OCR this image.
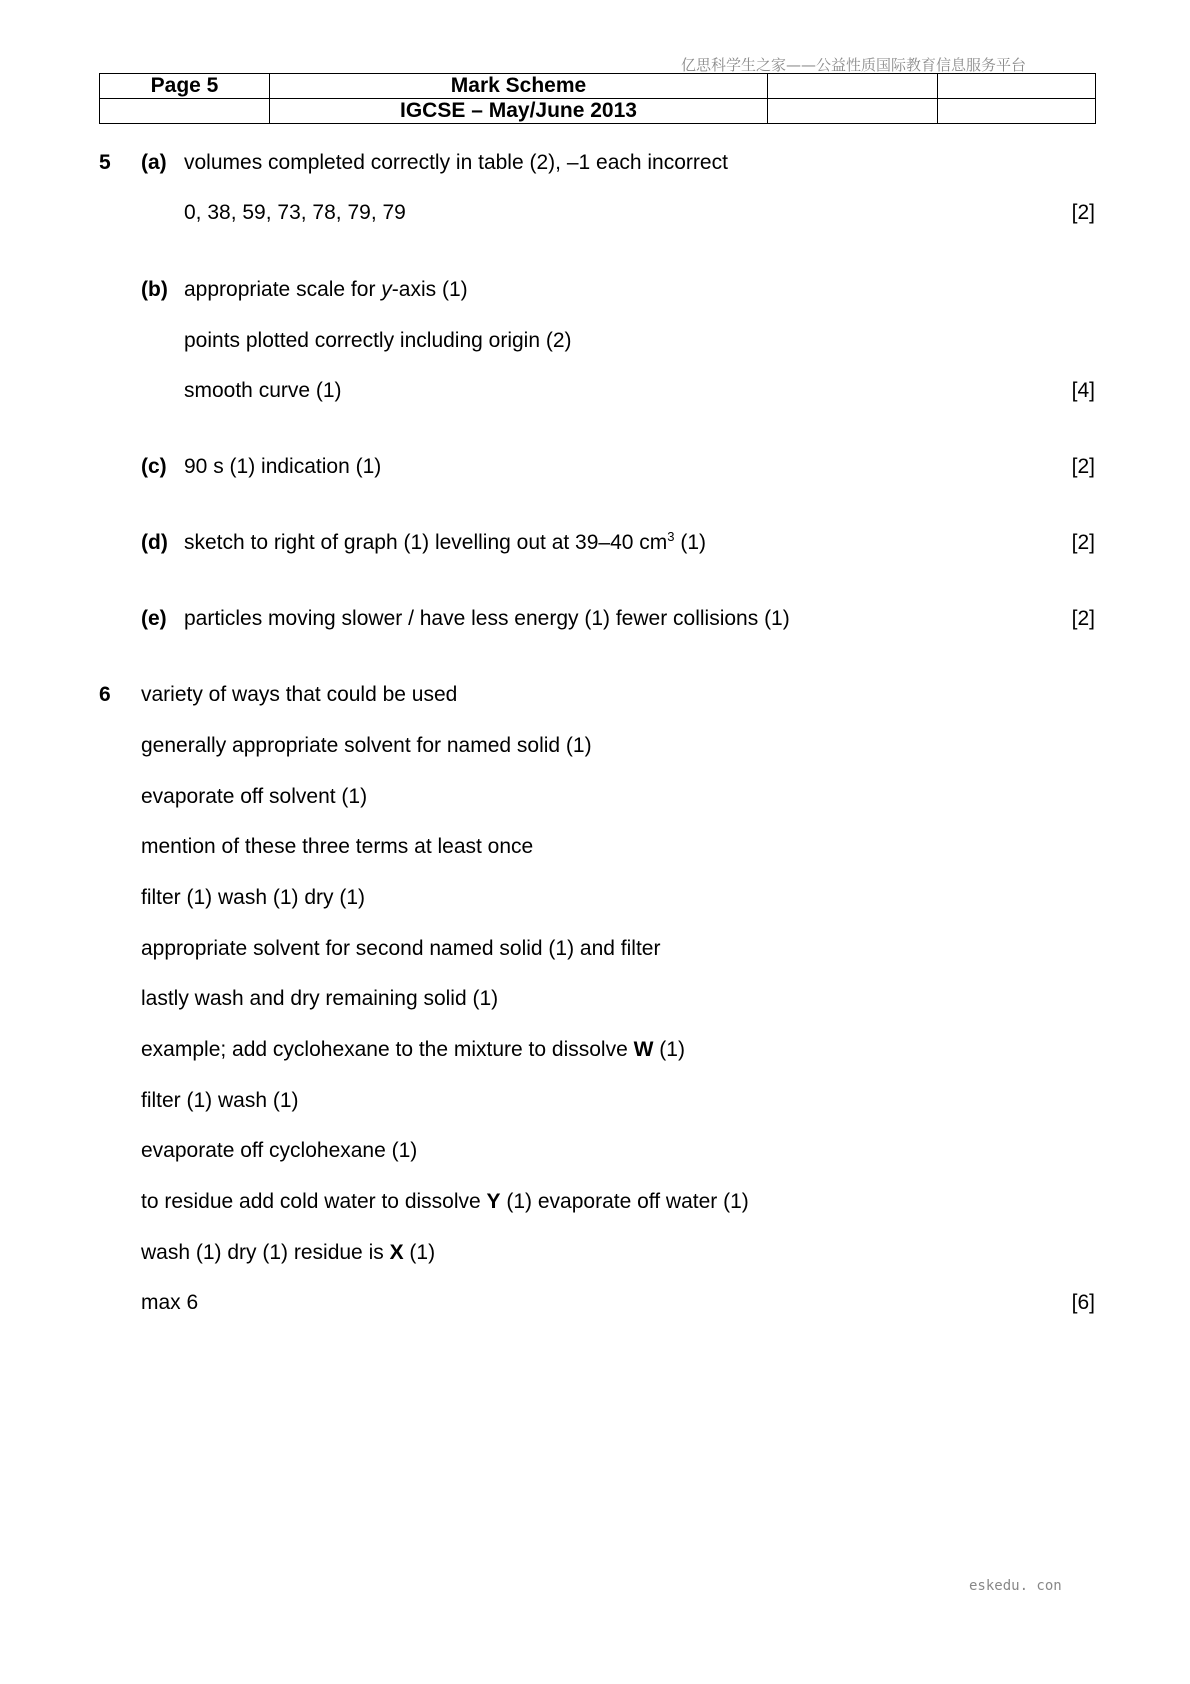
亿思科学生之家——公益性质国际教育信息服务平台
Page 5	Mark Scheme		
	IGCSE – May/June 2013		
5 (a) volumes completed correctly in table (2), –1 each incorrect
0, 38, 59, 73, 78, 79, 79	[2]
(b) appropriate scale for y-axis (1)
points plotted correctly including origin (2)
smooth curve (1)	[4]
(c) 90 s (1) indication (1)	[2]
(d) sketch to right of graph (1) levelling out at 39–40 $cm^3$ (1)	[2]
(e) particles moving slower / have less energy (1) fewer collisions (1)	[2]
6 variety of ways that could be used
generally appropriate solvent for named solid (1)
evaporate off solvent (1)
mention of these three terms at least once
filter (1) wash (1) dry (1)
appropriate solvent for second named solid (1) and filter
lastly wash and dry remaining solid (1)
example; add cyclohexane to the mixture to dissolve W (1)
filter (1) wash (1)
evaporate off cyclohexane (1)
to residue add cold water to dissolve Y (1) evaporate off water (1)
wash (1) dry (1) residue is X (1)
max 6	[6]
eskedu. con
